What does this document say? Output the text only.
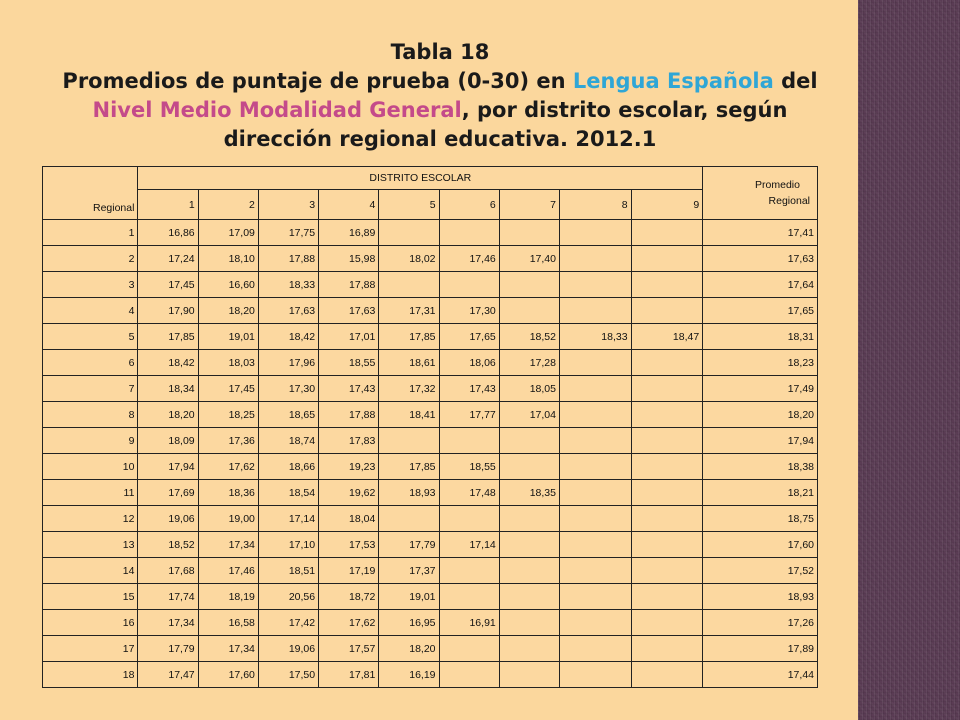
Tabla 18
Promedios de puntaje de prueba (0-30) en Lengua Española del
Nivel Medio Modalidad General, por distrito escolar, según
dirección regional educativa. 2012.1
Regional	DISTRITO ESCOLAR									Promedio
Regional

	1	2	3	4	5	6	7	8	9	
1	16,86	17,09	17,75	16,89						17,41
2	17,24	18,10	17,88	15,98	18,02	17,46	17,40			17,63
3	17,45	16,60	18,33	17,88						17,64
4	17,90	18,20	17,63	17,63	17,31	17,30				17,65
5	17,85	19,01	18,42	17,01	17,85	17,65	18,52	18,33	18,47	18,31
6	18,42	18,03	17,96	18,55	18,61	18,06	17,28			18,23
7	18,34	17,45	17,30	17,43	17,32	17,43	18,05			17,49
8	18,20	18,25	18,65	17,88	18,41	17,77	17,04			18,20
9	18,09	17,36	18,74	17,83						17,94
10	17,94	17,62	18,66	19,23	17,85	18,55				18,38
11	17,69	18,36	18,54	19,62	18,93	17,48	18,35			18,21
12	19,06	19,00	17,14	18,04						18,75
13	18,52	17,34	17,10	17,53	17,79	17,14				17,60
14	17,68	17,46	18,51	17,19	17,37					17,52
15	17,74	18,19	20,56	18,72	19,01					18,93
16	17,34	16,58	17,42	17,62	16,95	16,91				17,26
17	17,79	17,34	19,06	17,57	18,20					17,89
18	17,47	17,60	17,50	17,81	16,19					17,44
